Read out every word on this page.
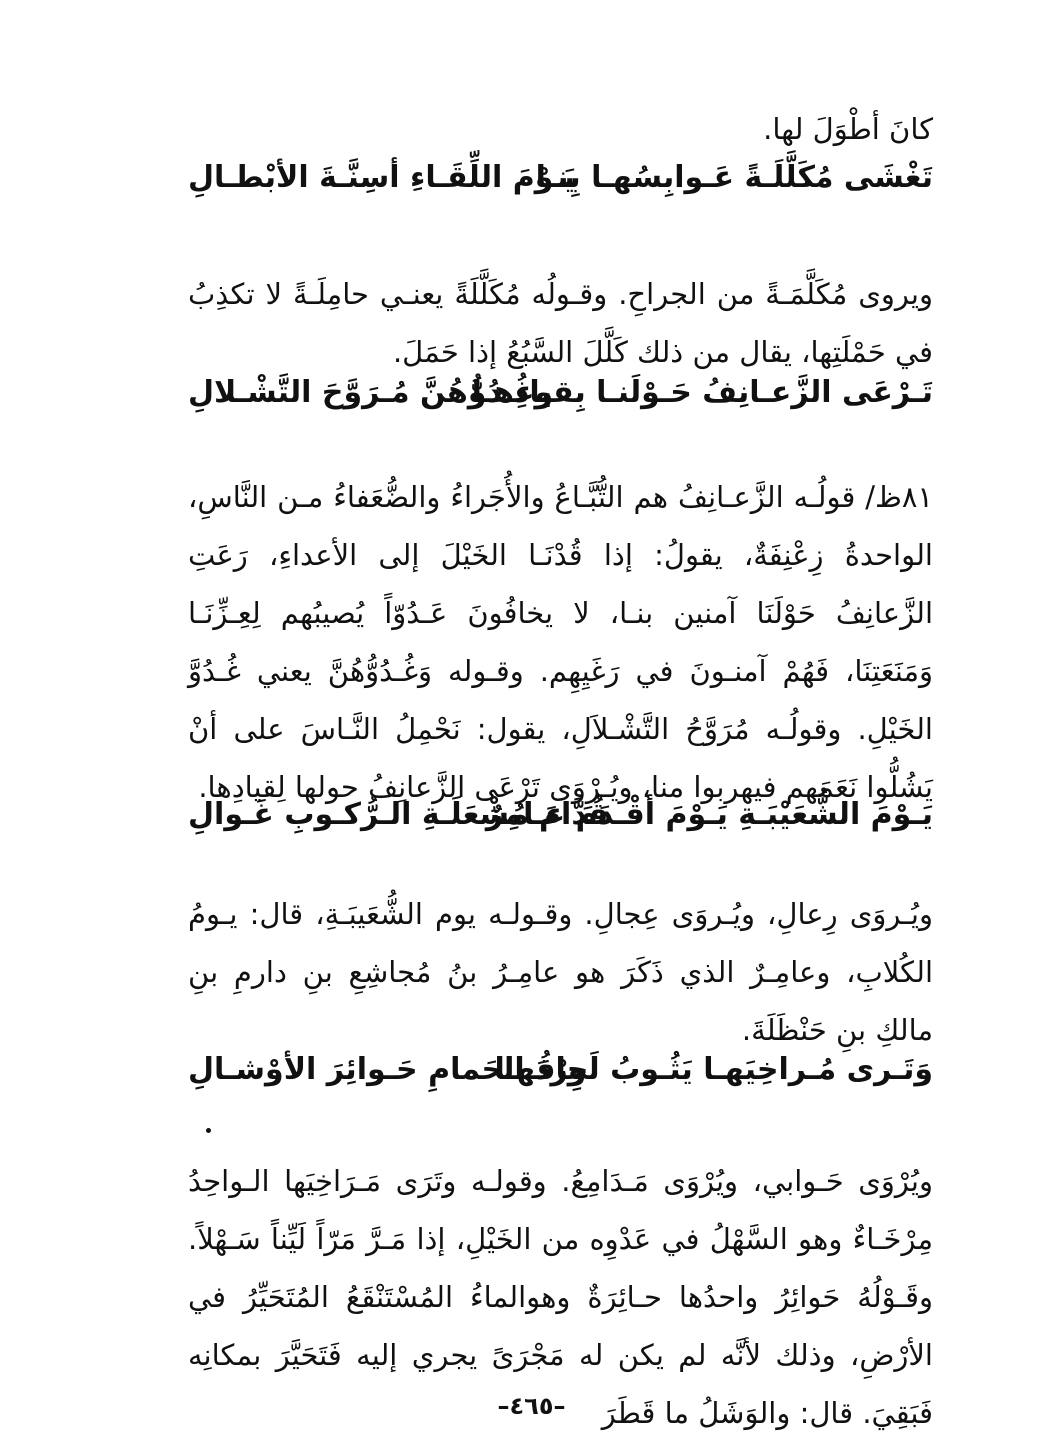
كانَ أطْوَلَ لها.

تَغْشَى مُكَلَّلَـةً عَـوابِسُهـا بِنـا
يَـوْمَ اللِّقَـاءِ أسِنَّـةَ الأبْطـالِ

ويروى مُكَلَّمَـةً من الجراحِ. وقـولُه مُكَلَّلَةً يعنـي حامِلَـةً لا تكذِبُ في حَمْلَتِها، يقال من ذلك كَلَّلَ السَّبُعُ إذا حَمَلَ.

تَـرْعَى الزَّعـانِفُ حَـوْلَنـا بِقيادِهـا
وغُـدُوُّهُنَّ مُـرَوَّحَ التَّشْـلالِ

٨١ظ/ قولُـه الزَّعـانِفُ هم التُّبَّـاعُ والأُجَراءُ والضُّعَفاءُ مـن النَّاسِ، الواحدةُ زِعْنِفَةٌ، يقولُ: إذا قُدْنَـا الخَيْلَ إلى الأعداءِ، رَعَتِ الزَّعانِفُ حَوْلَنَا آمنين بنـا، لا يخافُونَ عَـدُوّاً يُصيبُهم لِعِـزِّنَـا وَمَنَعَتِنَا، فَهُمْ آمنـونَ في رَغَيِهِم. وقـوله وَغُـدُوُّهُنَّ يعني غُـدُوَّ الخَيْلِ. وقولُـه مُرَوَّحُ التَّشْـلاَلِ، يقول: نَحْمِلُ النَّـاسَ على أنْ يَشُلُّوا نَعَمَهم فيهربوا منا، ويُـرْوَى تَرْعَى الزَّعانِفُ حولها لِقيادِها.

يَـوْمَ الشُّعَيْبَـةِ يَـوْمَ أقْـدَمَ عـامِرٌ
قُدَّامَ مُشْعَلَـةِ الـرُّكـوبِ غَـوالِ

ويُـروَى رِعالِ، ويُـروَى عِجالِ. وقـولـه يوم الشُّعَيبَـةِ، قال: يـومُ الكُلابِ، وعامِـرٌ الذي ذَكَرَ هو عامِـرُ بنُ مُجاشِعِ بنِ دارمِ بنِ مالكِ بنِ حَنْظَلَةَ.

وَتَـرى مُـراخِيَهـا يَثُـوبُ لَحاقُهـا
وِرْدَ الحَمامِ حَـوائِرَ الأوْشـالِ

ويُرْوَى حَـوابي، ويُرْوَى مَـدَامِعُ. وقولـه وتَرَى مَـرَاخِيَها الـواحِدُ مِرْخَـاءٌ وهو السَّهْلُ في عَدْوِه من الخَيْلِ، إذا مَـرَّ مَرّاً لَيِّناً سَـهْلاً. وقَـوْلُهُ حَوائِرُ واحدُها حـائِرَةٌ وهوالماءُ المُسْتَنْقَعُ المُتَحَيِّرُ في الأرْضِ، وذلك لأنَّه لم يكن له مَجْرَىً يجري إليه فَتَحَيَّرَ بمكانِه فَبَقِيَ. قال: والوَشَلُ ما قَطَرَ

–٤٦٥–
